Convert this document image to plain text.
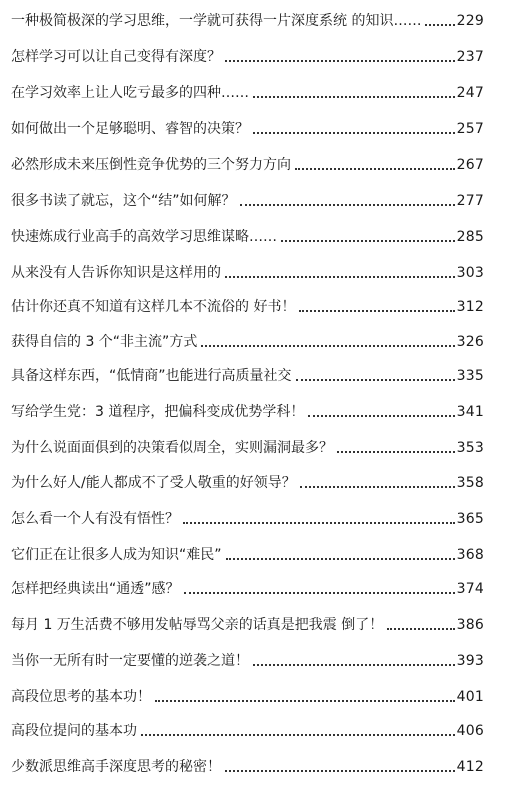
一种极简极深的学习思维，一学就可获得一片深度系统 的知识……	229
怎样学习可以让自己变得有深度？	237
在学习效率上让人吃亏最多的四种……	247
如何做出一个足够聪明、睿智的决策？	257
必然形成未来压倒性竞争优势的三个努力方向	267
很多书读了就忘，这个“结”如何解？	277
快速炼成行业高手的高效学习思维谋略……	285
从来没有人告诉你知识是这样用的	303
估计你还真不知道有这样几本不流俗的 好书！	312
获得自信的 3 个“非主流”方式	326
具备这样东西，“低情商”也能进行高质量社交	335
写给学生党：3 道程序，把偏科变成优势学科！	341
为什么说面面俱到的决策看似周全，实则漏洞最多？	353
为什么好人/能人都成不了受人敬重的好领导？	358
怎么看一个人有没有悟性？	365
它们正在让很多人成为知识“难民”	368
怎样把经典读出“通透”感？	374
每月 1 万生活费不够用发帖辱骂父亲的话真是把我震 倒了！	386
当你一无所有时一定要懂的逆袭之道！	393
高段位思考的基本功！	401
高段位提问的基本功	406
少数派思维高手深度思考的秘密！	412
